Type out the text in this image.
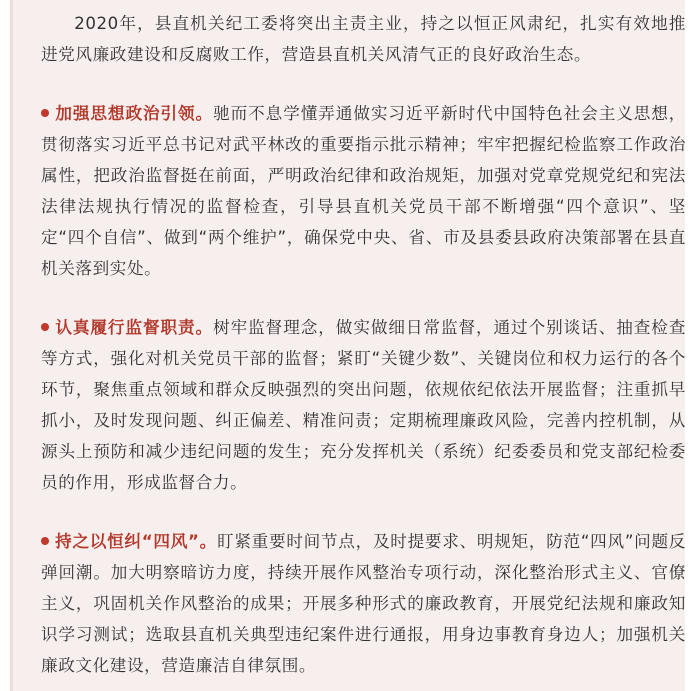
2020年，县直机关纪工委将突出主责主业，持之以恒正风肃纪，扎实有效地推进党风廉政建设和反腐败工作，营造县直机关风清气正的良好政治生态。

加强思想政治引领。驰而不息学懂弄通做实习近平新时代中国特色社会主义思想，贯彻落实习近平总书记对武平林改的重要指示批示精神；牢牢把握纪检监察工作政治属性，把政治监督挺在前面，严明政治纪律和政治规矩，加强对党章党规党纪和宪法法律法规执行情况的监督检查，引导县直机关党员干部不断增强“四个意识”、坚定“四个自信”、做到“两个维护”，确保党中央、省、市及县委县政府决策部署在县直机关落到实处。

认真履行监督职责。树牢监督理念，做实做细日常监督，通过个别谈话、抽查检查等方式，强化对机关党员干部的监督；紧盯“关键少数”、关键岗位和权力运行的各个环节，聚焦重点领域和群众反映强烈的突出问题，依规依纪依法开展监督；注重抓早抓小，及时发现问题、纠正偏差、精准问责；定期梳理廉政风险，完善内控机制，从源头上预防和减少违纪问题的发生；充分发挥机关（系统）纪委委员和党支部纪检委员的作用，形成监督合力。

持之以恒纠“四风”。盯紧重要时间节点，及时提要求、明规矩，防范“四风”问题反弹回潮。加大明察暗访力度，持续开展作风整治专项行动，深化整治形式主义、官僚主义，巩固机关作风整治的成果；开展多种形式的廉政教育，开展党纪法规和廉政知识学习测试；选取县直机关典型违纪案件进行通报，用身边事教育身边人；加强机关廉政文化建设，营造廉洁自律氛围。
